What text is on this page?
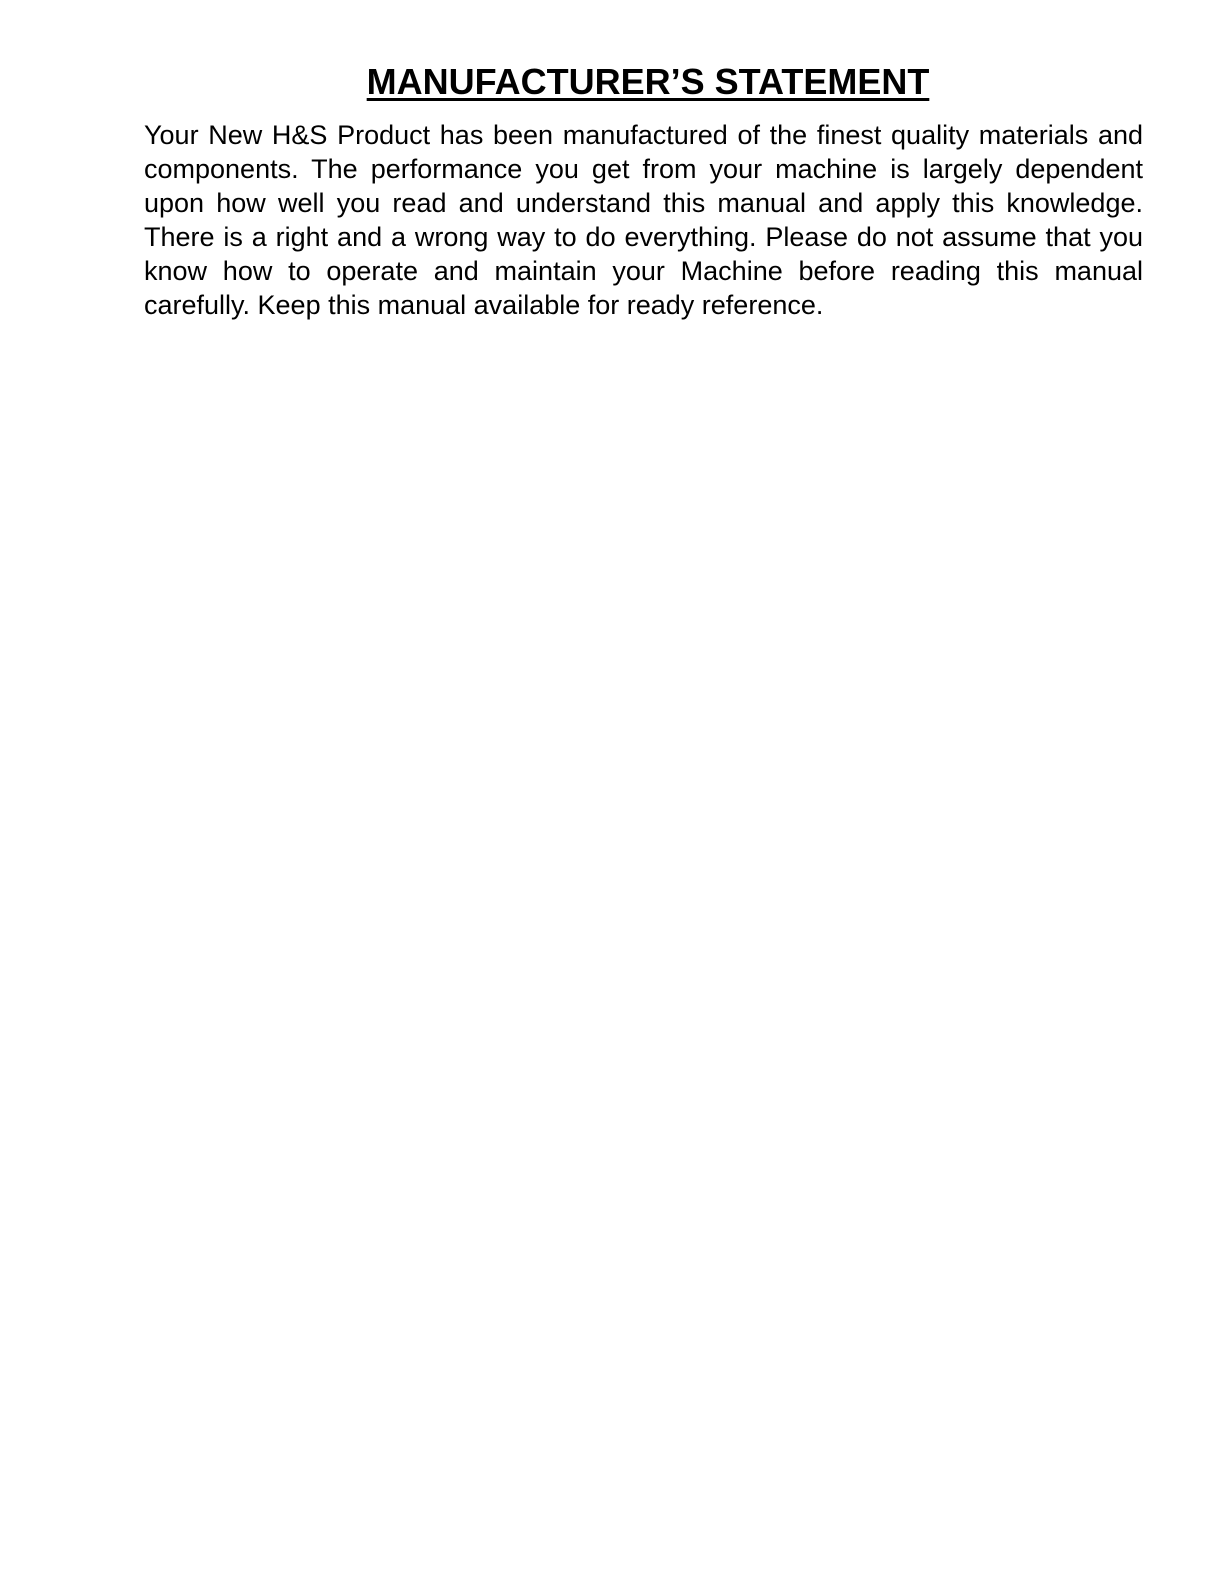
MANUFACTURER’S STATEMENT

Your New H&S Product has been manufactured of the finest quality materials and components. The performance you get from your machine is largely dependent upon how well you read and understand this manual and apply this knowledge. There is a right and a wrong way to do everything. Please do not assume that you know how to operate and maintain your Machine before reading this manual carefully. Keep this manual available for ready reference.
